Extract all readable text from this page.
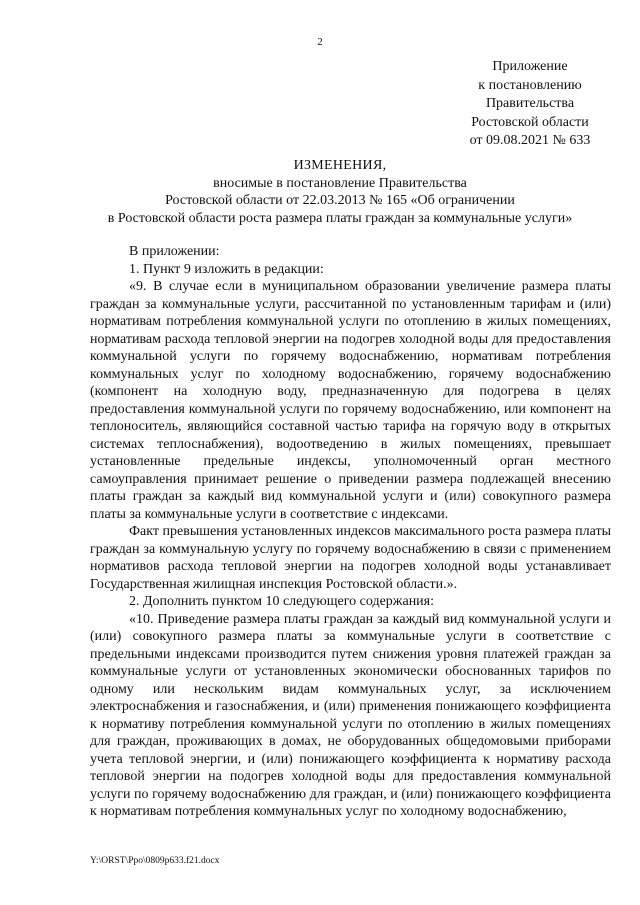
2
Приложение
к постановлению
Правительства
Ростовской области
от 09.08.2021 № 633
ИЗМЕНЕНИЯ,
вносимые в постановление Правительства
Ростовской области от 22.03.2013 № 165 «Об ограничении
в Ростовской области роста размера платы граждан за коммунальные услуги»

В приложении:

1. Пункт 9 изложить в редакции:

«9. В случае если в муниципальном образовании увеличение размера платы граждан за коммунальные услуги, рассчитанной по установленным тарифам и (или) нормативам потребления коммунальной услуги по отоплению в жилых помещениях, нормативам расхода тепловой энергии на подогрев холодной воды для предоставления коммунальной услуги по горячему водоснабжению, нормативам потребления коммунальных услуг по холодному водоснабжению, горячему водоснабжению (компонент на холодную воду, предназначенную для подогрева в целях предоставления коммунальной услуги по горячему водоснабжению, или компонент на теплоноситель, являющийся составной частью тарифа на горячую воду в открытых системах теплоснабжения), водоотведению в жилых помещениях, превышает установленные предельные индексы, уполномоченный орган местного самоуправления принимает решение о приведении размера подлежащей внесению платы граждан за каждый вид коммунальной услуги и (или) совокупного размера платы за коммунальные услуги в соответствие с индексами.

Факт превышения установленных индексов максимального роста размера платы граждан за коммунальную услугу по горячему водоснабжению в связи с применением нормативов расхода тепловой энергии на подогрев холодной воды устанавливает Государственная жилищная инспекция Ростовской области.».

2. Дополнить пунктом 10 следующего содержания:

«10. Приведение размера платы граждан за каждый вид коммунальной услуги и (или) совокупного размера платы за коммунальные услуги в соответствие с предельными индексами производится путем снижения уровня платежей граждан за коммунальные услуги от установленных экономически обоснованных тарифов по одному или нескольким видам коммунальных услуг, за исключением электроснабжения и газоснабжения, и (или) применения понижающего коэффициента к нормативу потребления коммунальной услуги по отоплению в жилых помещениях для граждан, проживающих в домах, не оборудованных общедомовыми приборами учета тепловой энергии, и (или) понижающего коэффициента к нормативу расхода тепловой энергии на подогрев холодной воды для предоставления коммунальной услуги по горячему водоснабжению для граждан, и (или) понижающего коэффициента к нормативам потребления коммунальных услуг по холодному водоснабжению,

Y:\ORST\Ppo\0809p633.f21.docx
